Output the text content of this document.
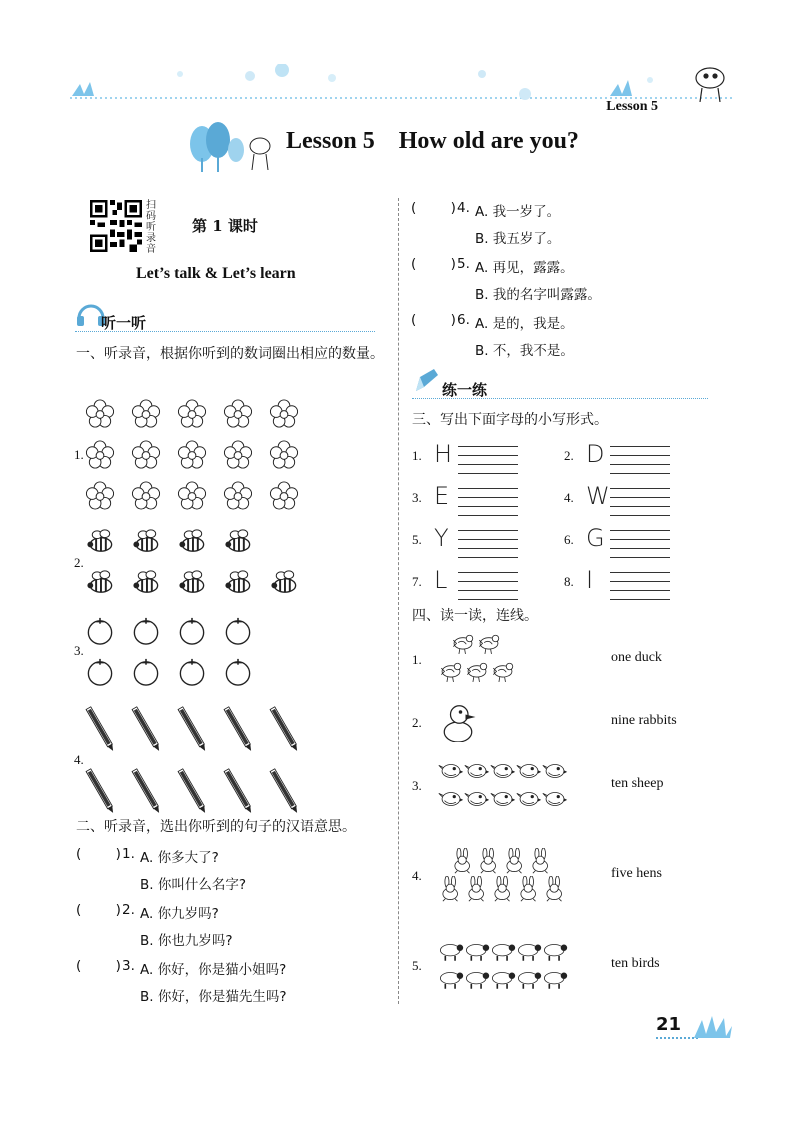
Lesson 5
Lesson 5    How old are you?
扫码听录音
第 1 课时
Let’s talk & Let’s learn
听一听
一、听录音，根据你听到的数词圈出相应的数量。
1.
2.
3.
4.
二、听录音，选出你听到的句子的汉语意思。
(        ) 1. A. 你多大了?
B. 你叫什么名字?
(        ) 2. A. 你九岁吗?
B. 你也九岁吗?
(        ) 3. A. 你好，你是猫小姐吗?
B. 你好，你是猫先生吗?
(        ) 4. A. 我一岁了。
B. 我五岁了。
(        ) 5. A. 再见，露露。
B. 我的名字叫露露。
(        ) 6. A. 是的，我是。
B. 不，我不是。
练一练
三、写出下面字母的小写形式。
1. H	2. D
3. E	4. W
5. Y	6. G
7. L	8. I
四、读一读，连线。
1.	one duck
2.	nine rabbits
3.	ten sheep
4.	five hens
5.	ten birds
21
